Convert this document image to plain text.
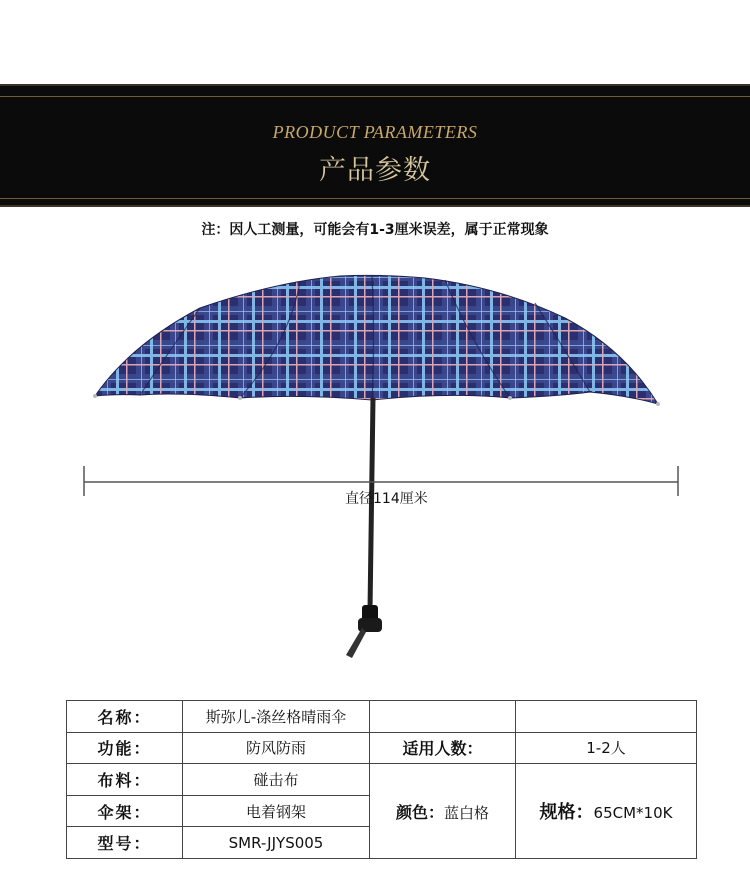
PRODUCT PARAMETERS
产品参数
注：因人工测量，可能会有1-3厘米误差，属于正常现象
直径114厘米
名称：	斯弥儿-涤丝格晴雨伞		
功能：	防风防雨	适用人数：	1-2人
布料：	碰击布	颜色：蓝白格	规格：65CM*10K
伞架：	电着钢架		
型号：	SMR-JJYS005		
